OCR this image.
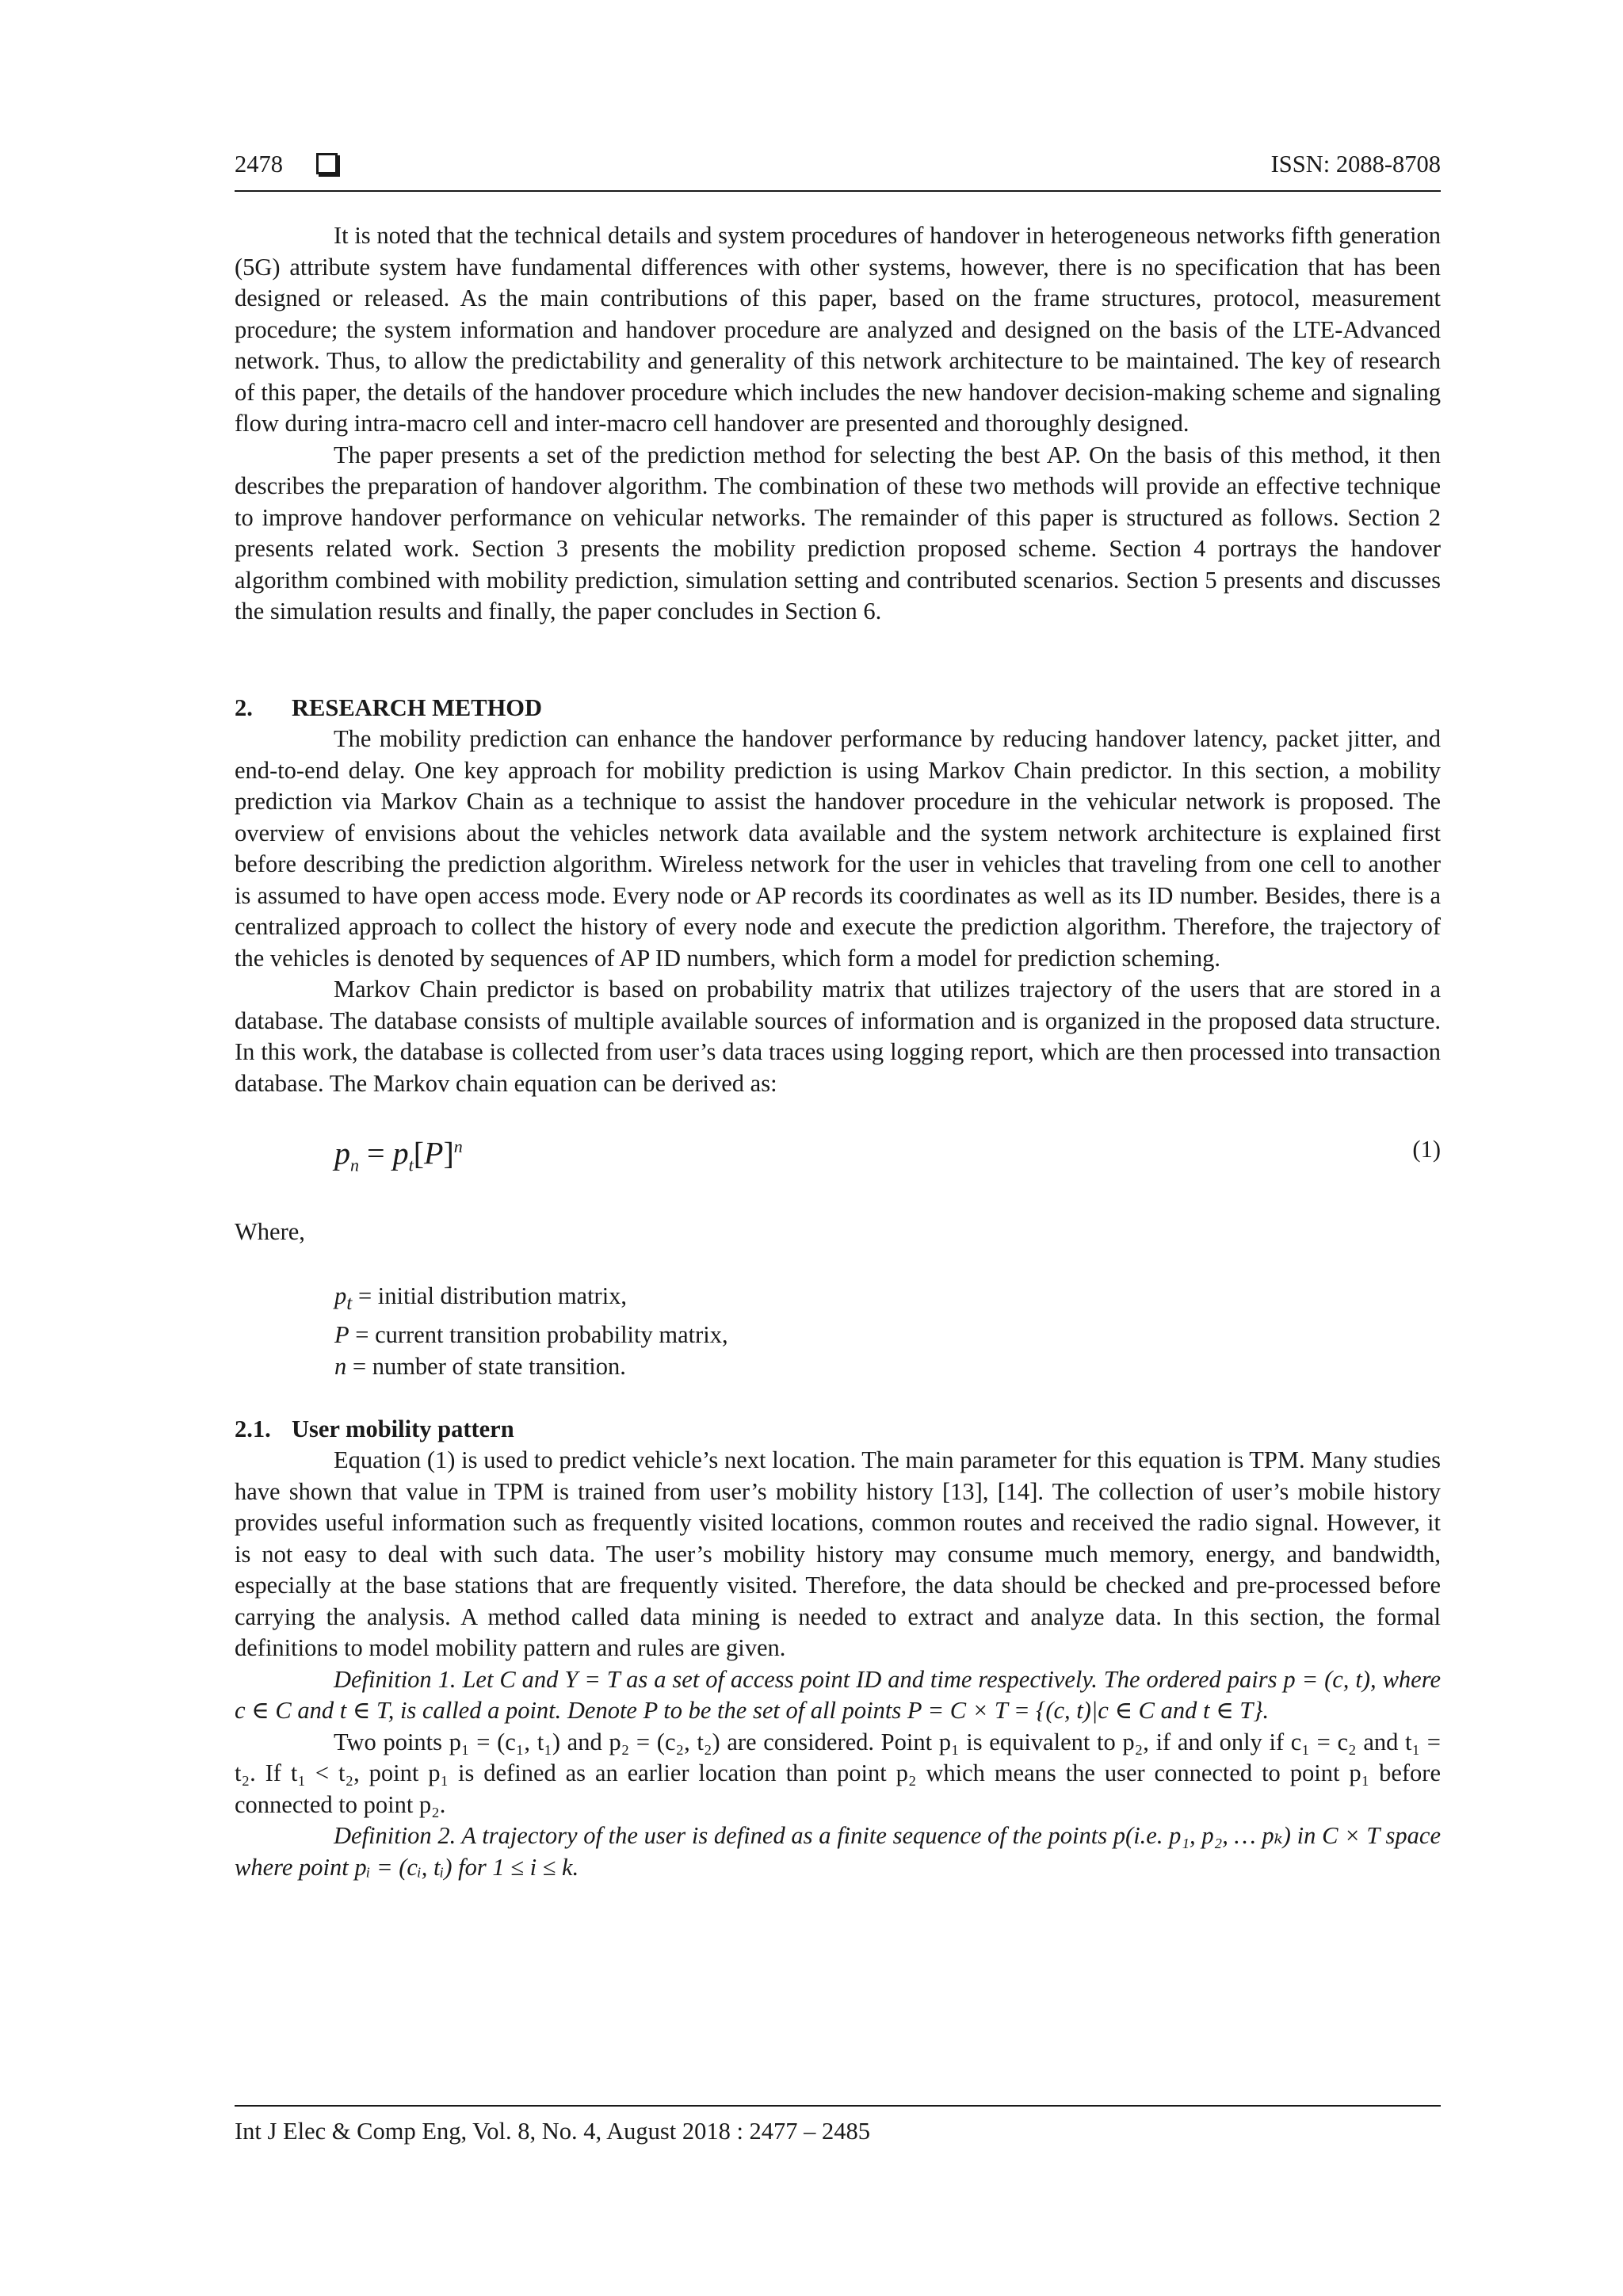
2478	ISSN: 2088-8708

It is noted that the technical details and system procedures of handover in heterogeneous networks fifth generation (5G) attribute system have fundamental differences with other systems, however, there is no specification that has been designed or released. As the main contributions of this paper, based on the frame structures, protocol, measurement procedure; the system information and handover procedure are analyzed and designed on the basis of the LTE-Advanced network. Thus, to allow the predictability and generality of this network architecture to be maintained. The key of research of this paper, the details of the handover procedure which includes the new handover decision-making scheme and signaling flow during intra-macro cell and inter-macro cell handover are presented and thoroughly designed.

The paper presents a set of the prediction method for selecting the best AP. On the basis of this method, it then describes the preparation of handover algorithm. The combination of these two methods will provide an effective technique to improve handover performance on vehicular networks. The remainder of this paper is structured as follows. Section 2 presents related work. Section 3 presents the mobility prediction proposed scheme. Section 4 portrays the handover algorithm combined with mobility prediction, simulation setting and contributed scenarios. Section 5 presents and discusses the simulation results and finally, the paper concludes in Section 6.

2. RESEARCH METHOD

The mobility prediction can enhance the handover performance by reducing handover latency, packet jitter, and end-to-end delay. One key approach for mobility prediction is using Markov Chain predictor. In this section, a mobility prediction via Markov Chain as a technique to assist the handover procedure in the vehicular network is proposed. The overview of envisions about the vehicles network data available and the system network architecture is explained first before describing the prediction algorithm. Wireless network for the user in vehicles that traveling from one cell to another is assumed to have open access mode. Every node or AP records its coordinates as well as its ID number. Besides, there is a centralized approach to collect the history of every node and execute the prediction algorithm. Therefore, the trajectory of the vehicles is denoted by sequences of AP ID numbers, which form a model for prediction scheming.

Markov Chain predictor is based on probability matrix that utilizes trajectory of the users that are stored in a database. The database consists of multiple available sources of information and is organized in the proposed data structure. In this work, the database is collected from user’s data traces using logging report, which are then processed into transaction database. The Markov chain equation can be derived as:

$p_n = p_t[P]^n$	(1)

Where,

$p_t$ = initial distribution matrix,
P = current transition probability matrix,
n = number of state transition.
2.1. User mobility pattern

Equation (1) is used to predict vehicle’s next location. The main parameter for this equation is TPM. Many studies have shown that value in TPM is trained from user’s mobility history [13], [14]. The collection of user’s mobile history provides useful information such as frequently visited locations, common routes and received the radio signal. However, it is not easy to deal with such data. The user’s mobility history may consume much memory, energy, and bandwidth, especially at the base stations that are frequently visited. Therefore, the data should be checked and pre-processed before carrying the analysis. A method called data mining is needed to extract and analyze data. In this section, the formal definitions to model mobility pattern and rules are given.

Definition 1. Let C and Y = T as a set of access point ID and time respectively. The ordered pairs p = (c, t), where c ∈ C and t ∈ T, is called a point. Denote P to be the set of all points P = C × T = {(c, t)|c ∈ C and t ∈ T}.

Two points p₁ = (c₁, t₁) and p₂ = (c₂, t₂) are considered. Point p₁ is equivalent to p₂, if and only if c₁ = c₂ and t₁ = t₂. If t₁ < t₂, point p₁ is defined as an earlier location than point p₂ which means the user connected to point p₁ before connected to point p₂.

Definition 2. A trajectory of the user is defined as a finite sequence of the points p(i.e. p₁, p₂, … pₖ) in C × T space where point pᵢ = (cᵢ, tᵢ) for 1 ≤ i ≤ k.

Int J Elec & Comp Eng, Vol. 8, No. 4, August 2018 : 2477 – 2485
